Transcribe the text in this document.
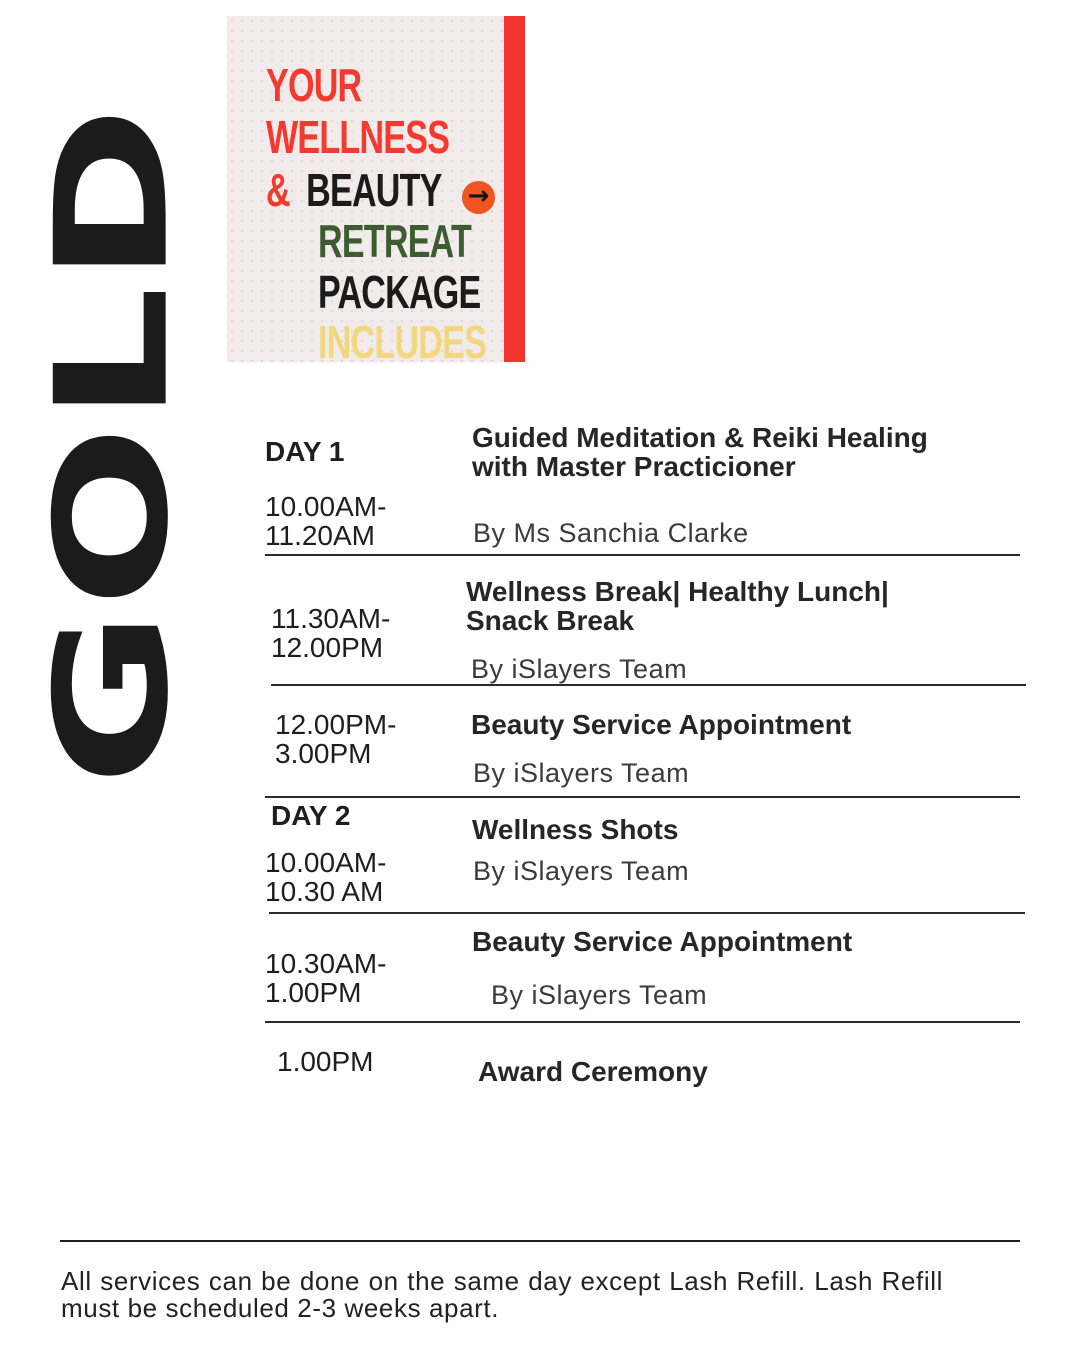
GOLD
YOUR
WELLNESS
& BEAUTY
RETREAT
PACKAGE
INCLUDES
→
DAY 1
10.00AM-
11.20AM
Guided Meditation & Reiki Healing
with Master Practicioner
By Ms Sanchia Clarke
11.30AM-
12.00PM
Wellness Break| Healthy Lunch|
Snack Break
By iSlayers Team
12.00PM-
3.00PM
Beauty Service Appointment
By iSlayers Team
DAY 2
10.00AM-
10.30 AM
Wellness Shots
By iSlayers Team
10.30AM-
1.00PM
Beauty Service Appointment
By iSlayers Team
1.00PM	Award Ceremony
All services can be done on the same day except Lash Refill. Lash Refill must be scheduled 2-3 weeks apart.
